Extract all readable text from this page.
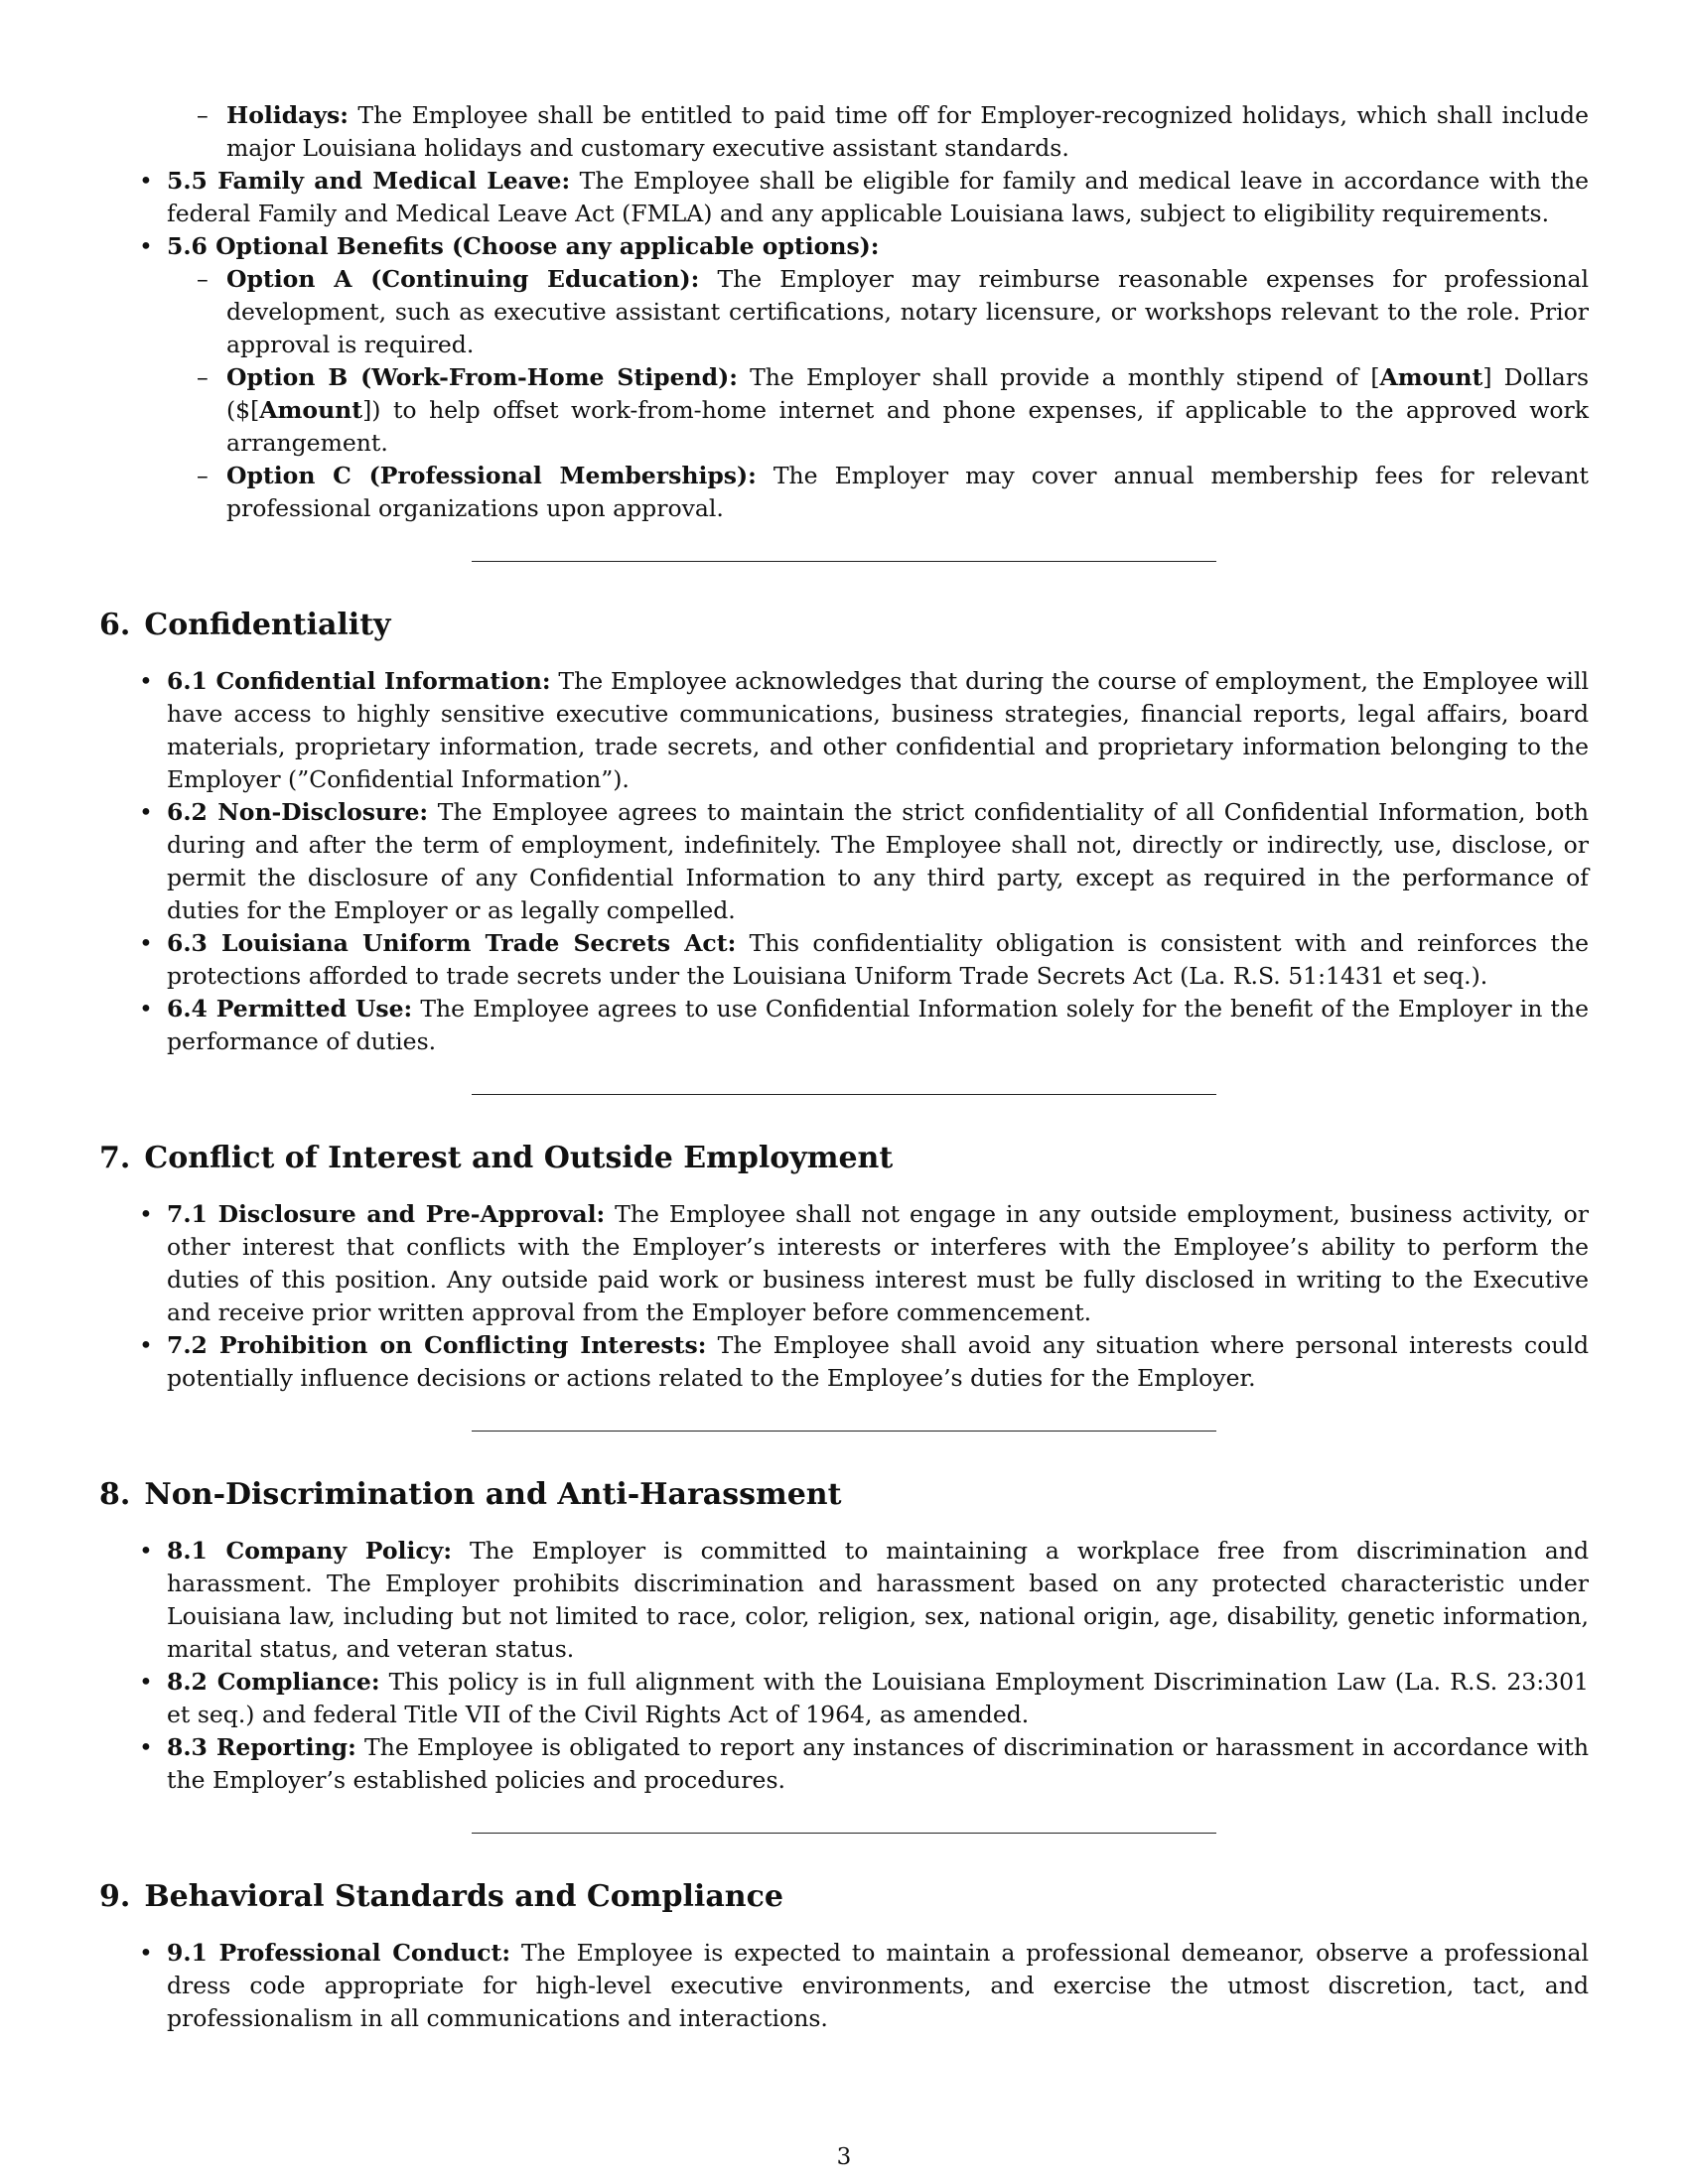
– Holidays: The Employee shall be entitled to paid time off for Employer-recognized holidays, which shall include major Louisiana holidays and customary executive assistant standards.
• 5.5 Family and Medical Leave: The Employee shall be eligible for family and medical leave in accordance with the federal Family and Medical Leave Act (FMLA) and any applicable Louisiana laws, subject to eligibility requirements.
• 5.6 Optional Benefits (Choose any applicable options):
– Option A (Continuing Education): The Employer may reimburse reasonable expenses for professional development, such as executive assistant certifications, notary licensure, or workshops relevant to the role. Prior approval is required.
– Option B (Work-From-Home Stipend): The Employer shall provide a monthly stipend of [Amount] Dollars ($[Amount]) to help offset work-from-home internet and phone expenses, if applicable to the approved work arrangement.
– Option C (Professional Memberships): The Employer may cover annual membership fees for relevant professional organizations upon approval.
6. Confidentiality
• 6.1 Confidential Information: The Employee acknowledges that during the course of employment, the Employee will have access to highly sensitive executive communications, business strategies, financial reports, legal affairs, board materials, proprietary information, trade secrets, and other confidential and proprietary information belonging to the Employer (”Confidential Information”).
• 6.2 Non-Disclosure: The Employee agrees to maintain the strict confidentiality of all Confidential Information, both during and after the term of employment, indefinitely. The Employee shall not, directly or indirectly, use, disclose, or permit the disclosure of any Confidential Information to any third party, except as required in the performance of duties for the Employer or as legally compelled.
• 6.3 Louisiana Uniform Trade Secrets Act: This confidentiality obligation is consistent with and reinforces the protections afforded to trade secrets under the Louisiana Uniform Trade Secrets Act (La. R.S. 51:1431 et seq.).
• 6.4 Permitted Use: The Employee agrees to use Confidential Information solely for the benefit of the Employer in the performance of duties.
7. Conflict of Interest and Outside Employment
• 7.1 Disclosure and Pre-Approval: The Employee shall not engage in any outside employment, business activity, or other interest that conflicts with the Employer’s interests or interferes with the Employee’s ability to perform the duties of this position. Any outside paid work or business interest must be fully disclosed in writing to the Executive and receive prior written approval from the Employer before commencement.
• 7.2 Prohibition on Conflicting Interests: The Employee shall avoid any situation where personal interests could potentially influence decisions or actions related to the Employee’s duties for the Employer.
8. Non-Discrimination and Anti-Harassment
• 8.1 Company Policy: The Employer is committed to maintaining a workplace free from discrimination and harassment. The Employer prohibits discrimination and harassment based on any protected characteristic under Louisiana law, including but not limited to race, color, religion, sex, national origin, age, disability, genetic information, marital status, and veteran status.
• 8.2 Compliance: This policy is in full alignment with the Louisiana Employment Discrimination Law (La. R.S. 23:301 et seq.) and federal Title VII of the Civil Rights Act of 1964, as amended.
• 8.3 Reporting: The Employee is obligated to report any instances of discrimination or harassment in accordance with the Employer’s established policies and procedures.
9. Behavioral Standards and Compliance
• 9.1 Professional Conduct: The Employee is expected to maintain a professional demeanor, observe a professional dress code appropriate for high-level executive environments, and exercise the utmost discretion, tact, and professionalism in all communications and interactions.
3
